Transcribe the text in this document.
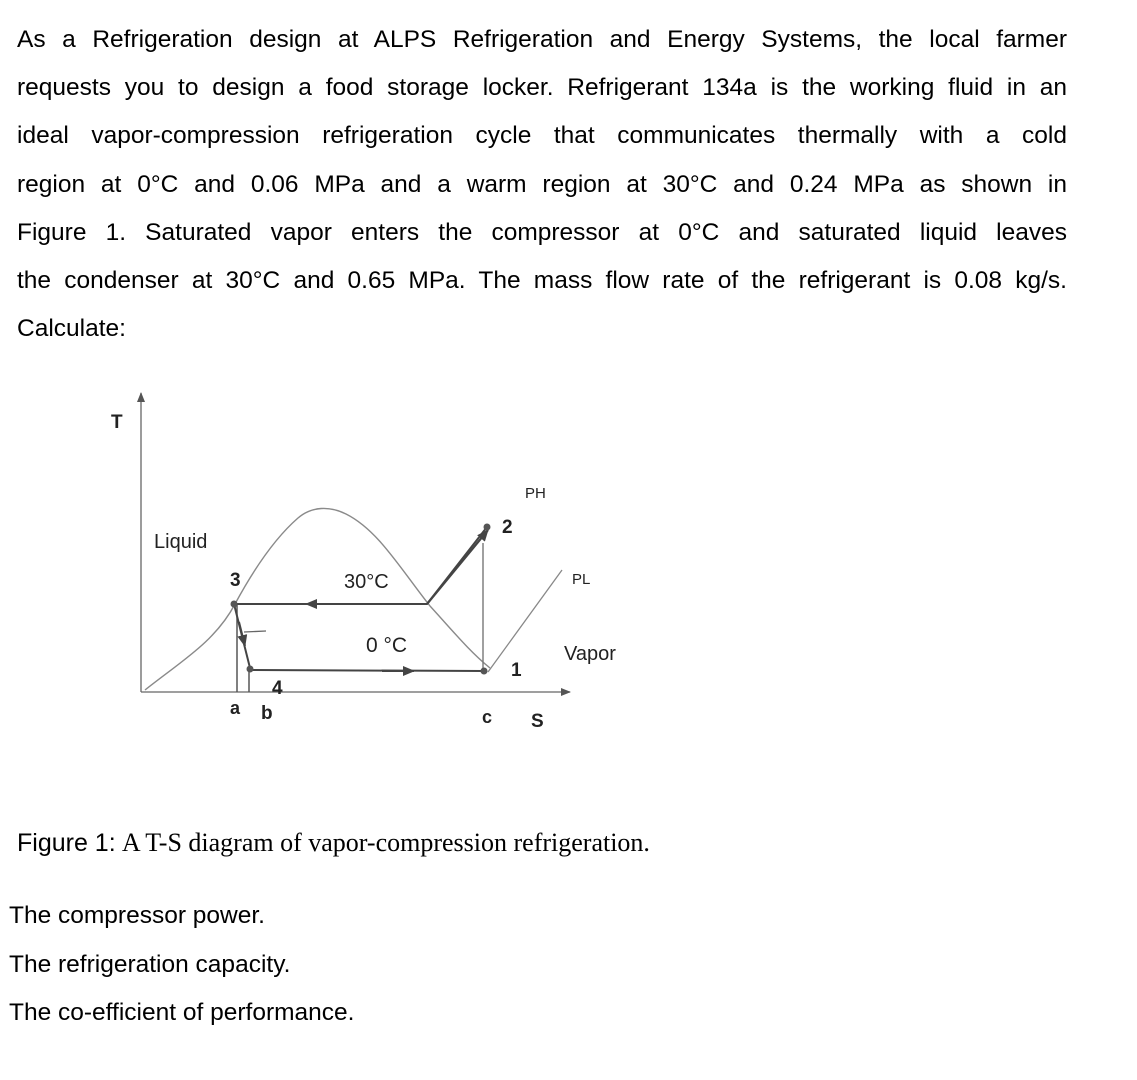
As a Refrigeration design at ALPS Refrigeration and Energy Systems, the local farmer
requests you to design a food storage locker. Refrigerant 134a is the working fluid in an
ideal vapor-compression refrigeration cycle that communicates thermally with a cold
region at 0°C and 0.06 MPa and a warm region at 30°C and 0.24 MPa as shown in
Figure 1. Saturated vapor enters the compressor at 0°C and saturated liquid leaves
the condenser at 30°C and 0.65 MPa. The mass flow rate of the refrigerant is 0.08 kg/s.
Calculate:
T
S
Liquid
Vapor
30°C
0 °C
PH
PL
1
2
3
4
a b	c
Figure 1: A T-S diagram of vapor-compression refrigeration.
The compressor power.
The refrigeration capacity.
The co-efficient of performance.
